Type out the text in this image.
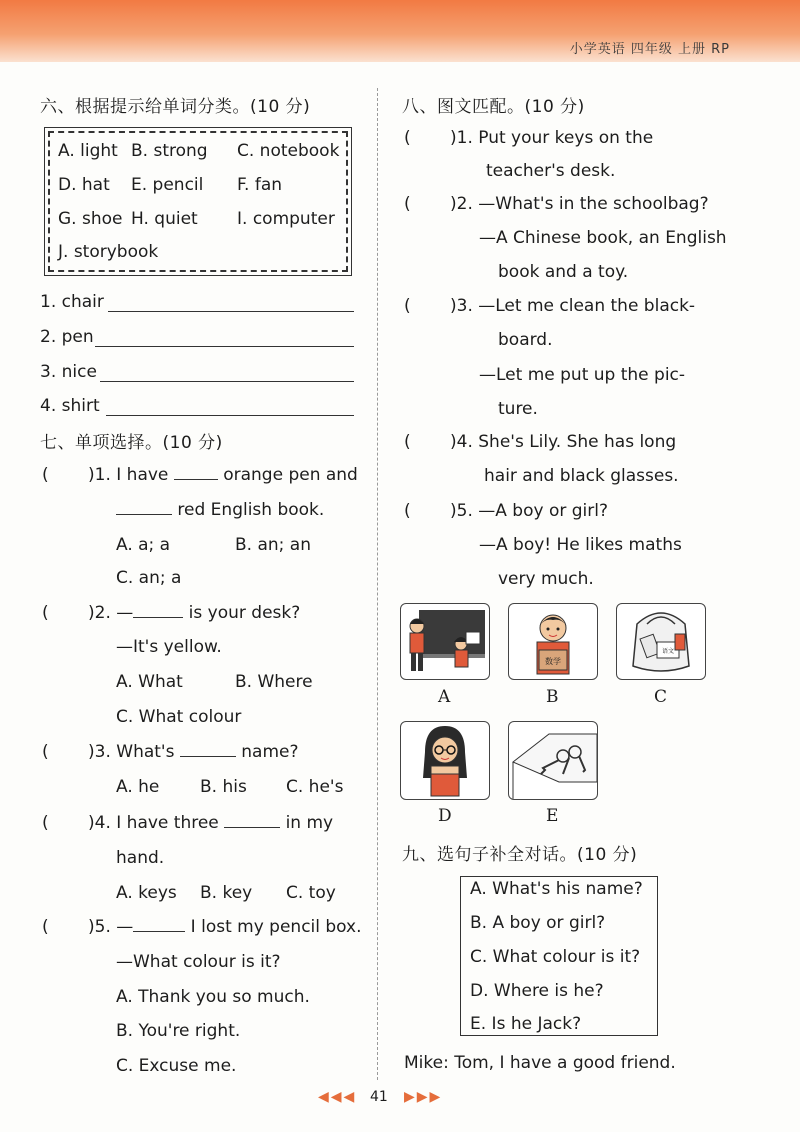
小学英语 四年级 上册 RP
六、根据提示给单词分类。(10 分)
A. light B. strong C. notebook
D. hat E. pencil F. fan
G. shoe H. quiet I. computer
J. storybook
1. chair
2. pen
3. nice
4. shirt
七、单项选择。(10 分)
( )1. I have	orange pen and
red English book.
A. a; a	B. an; an
C. an; a
( )2. —	is your desk?
—It's yellow.
A. What	B. Where
C. What colour
( )3. What's	name?
A. he B. his C. he's
( )4. I have three	in my
hand.
A. keys B. key C. toy
( )5. —	I lost my pencil box.
—What colour is it?
A. Thank you so much.
B. You're right.
C. Excuse me.
八、图文匹配。(10 分)
( )1. Put your keys on the
teacher's desk.
( )2. —What's in the schoolbag?
—A Chinese book, an English
book and a toy.
( )3. —Let me clean the black-
board.
—Let me put up the pic-
ture.
( )4. She's Lily. She has long
hair and black glasses.
( )5. —A boy or girl?
—A boy! He likes maths
very much.
数学
语文
A	B	C
D	E
九、选句子补全对话。(10 分)
A. What's his name?
B. A boy or girl?
C. What colour is it?
D. Where is he?
E. Is he Jack?
Mike: Tom, I have a good friend.
◀◀◀ 41 ▶▶▶
